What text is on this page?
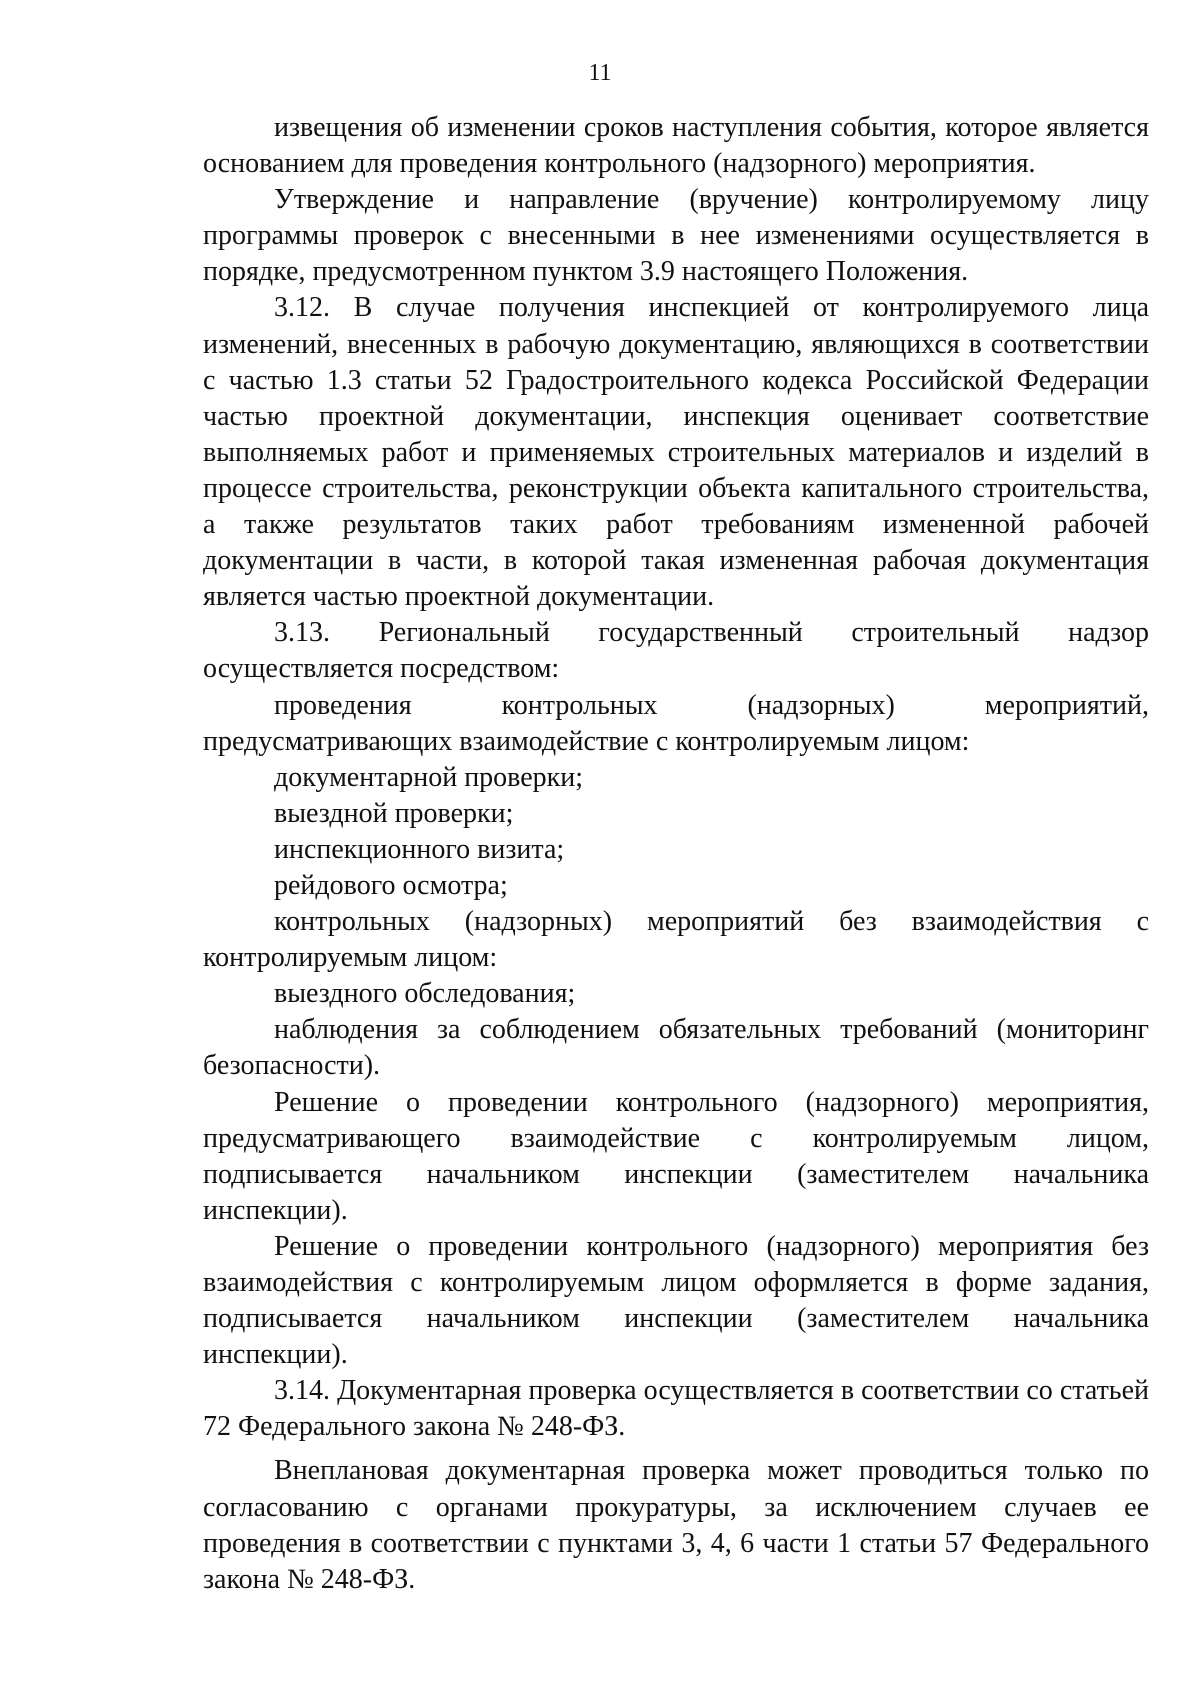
11

извещения об изменении сроков наступления события, которое является основанием для проведения контрольного (надзорного) мероприятия.

Утверждение и направление (вручение) контролируемому лицу программы проверок с внесенными в нее изменениями осуществляется в порядке, предусмотренном пунктом 3.9 настоящего Положения.

3.12. В случае получения инспекцией от контролируемого лица изменений, внесенных в рабочую документацию, являющихся в соответствии с частью 1.3 статьи 52 Градостроительного кодекса Российской Федерации частью проектной документации, инспекция оценивает соответствие выполняемых работ и применяемых строительных материалов и изделий в процессе строительства, реконструкции объекта капитального строительства, а также результатов таких работ требованиям измененной рабочей документации в части, в которой такая измененная рабочая документация является частью проектной документации.

3.13. Региональный государственный строительный надзор осуществляется посредством:

проведения контрольных (надзорных) мероприятий, предусматривающих взаимодействие с контролируемым лицом:

документарной проверки;

выездной проверки;

инспекционного визита;

рейдового осмотра;

контрольных (надзорных) мероприятий без взаимодействия с контролируемым лицом:

выездного обследования;

наблюдения за соблюдением обязательных требований (мониторинг безопасности).

Решение о проведении контрольного (надзорного) мероприятия, предусматривающего взаимодействие с контролируемым лицом, подписывается начальником инспекции (заместителем начальника инспекции).

Решение о проведении контрольного (надзорного) мероприятия без взаимодействия с контролируемым лицом оформляется в форме задания, подписывается начальником инспекции (заместителем начальника инспекции).

3.14. Документарная проверка осуществляется в соответствии со статьей 72 Федерального закона № 248-ФЗ.

Внеплановая документарная проверка может проводиться только по согласованию с органами прокуратуры, за исключением случаев ее проведения в соответствии с пунктами 3, 4, 6 части 1 статьи 57 Федерального закона № 248-ФЗ.
